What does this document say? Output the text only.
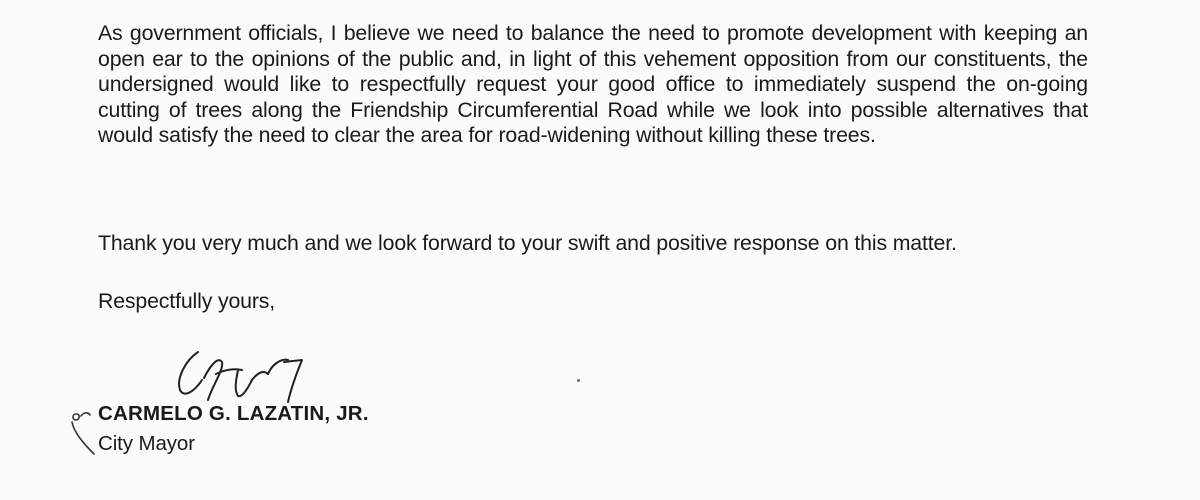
As government officials, I believe we need to balance the need to promote development with keeping an open ear to the opinions of the public and, in light of this vehement opposition from our constituents, the undersigned would like to respectfully request your good office to immediately suspend the on-going cutting of trees along the Friendship Circumferential Road while we look into possible alternatives that would satisfy the need to clear the area for road-widening without killing these trees.

Thank you very much and we look forward to your swift and positive response on this matter.

Respectfully yours,

CARMELO G. LAZATIN, JR.

City Mayor
